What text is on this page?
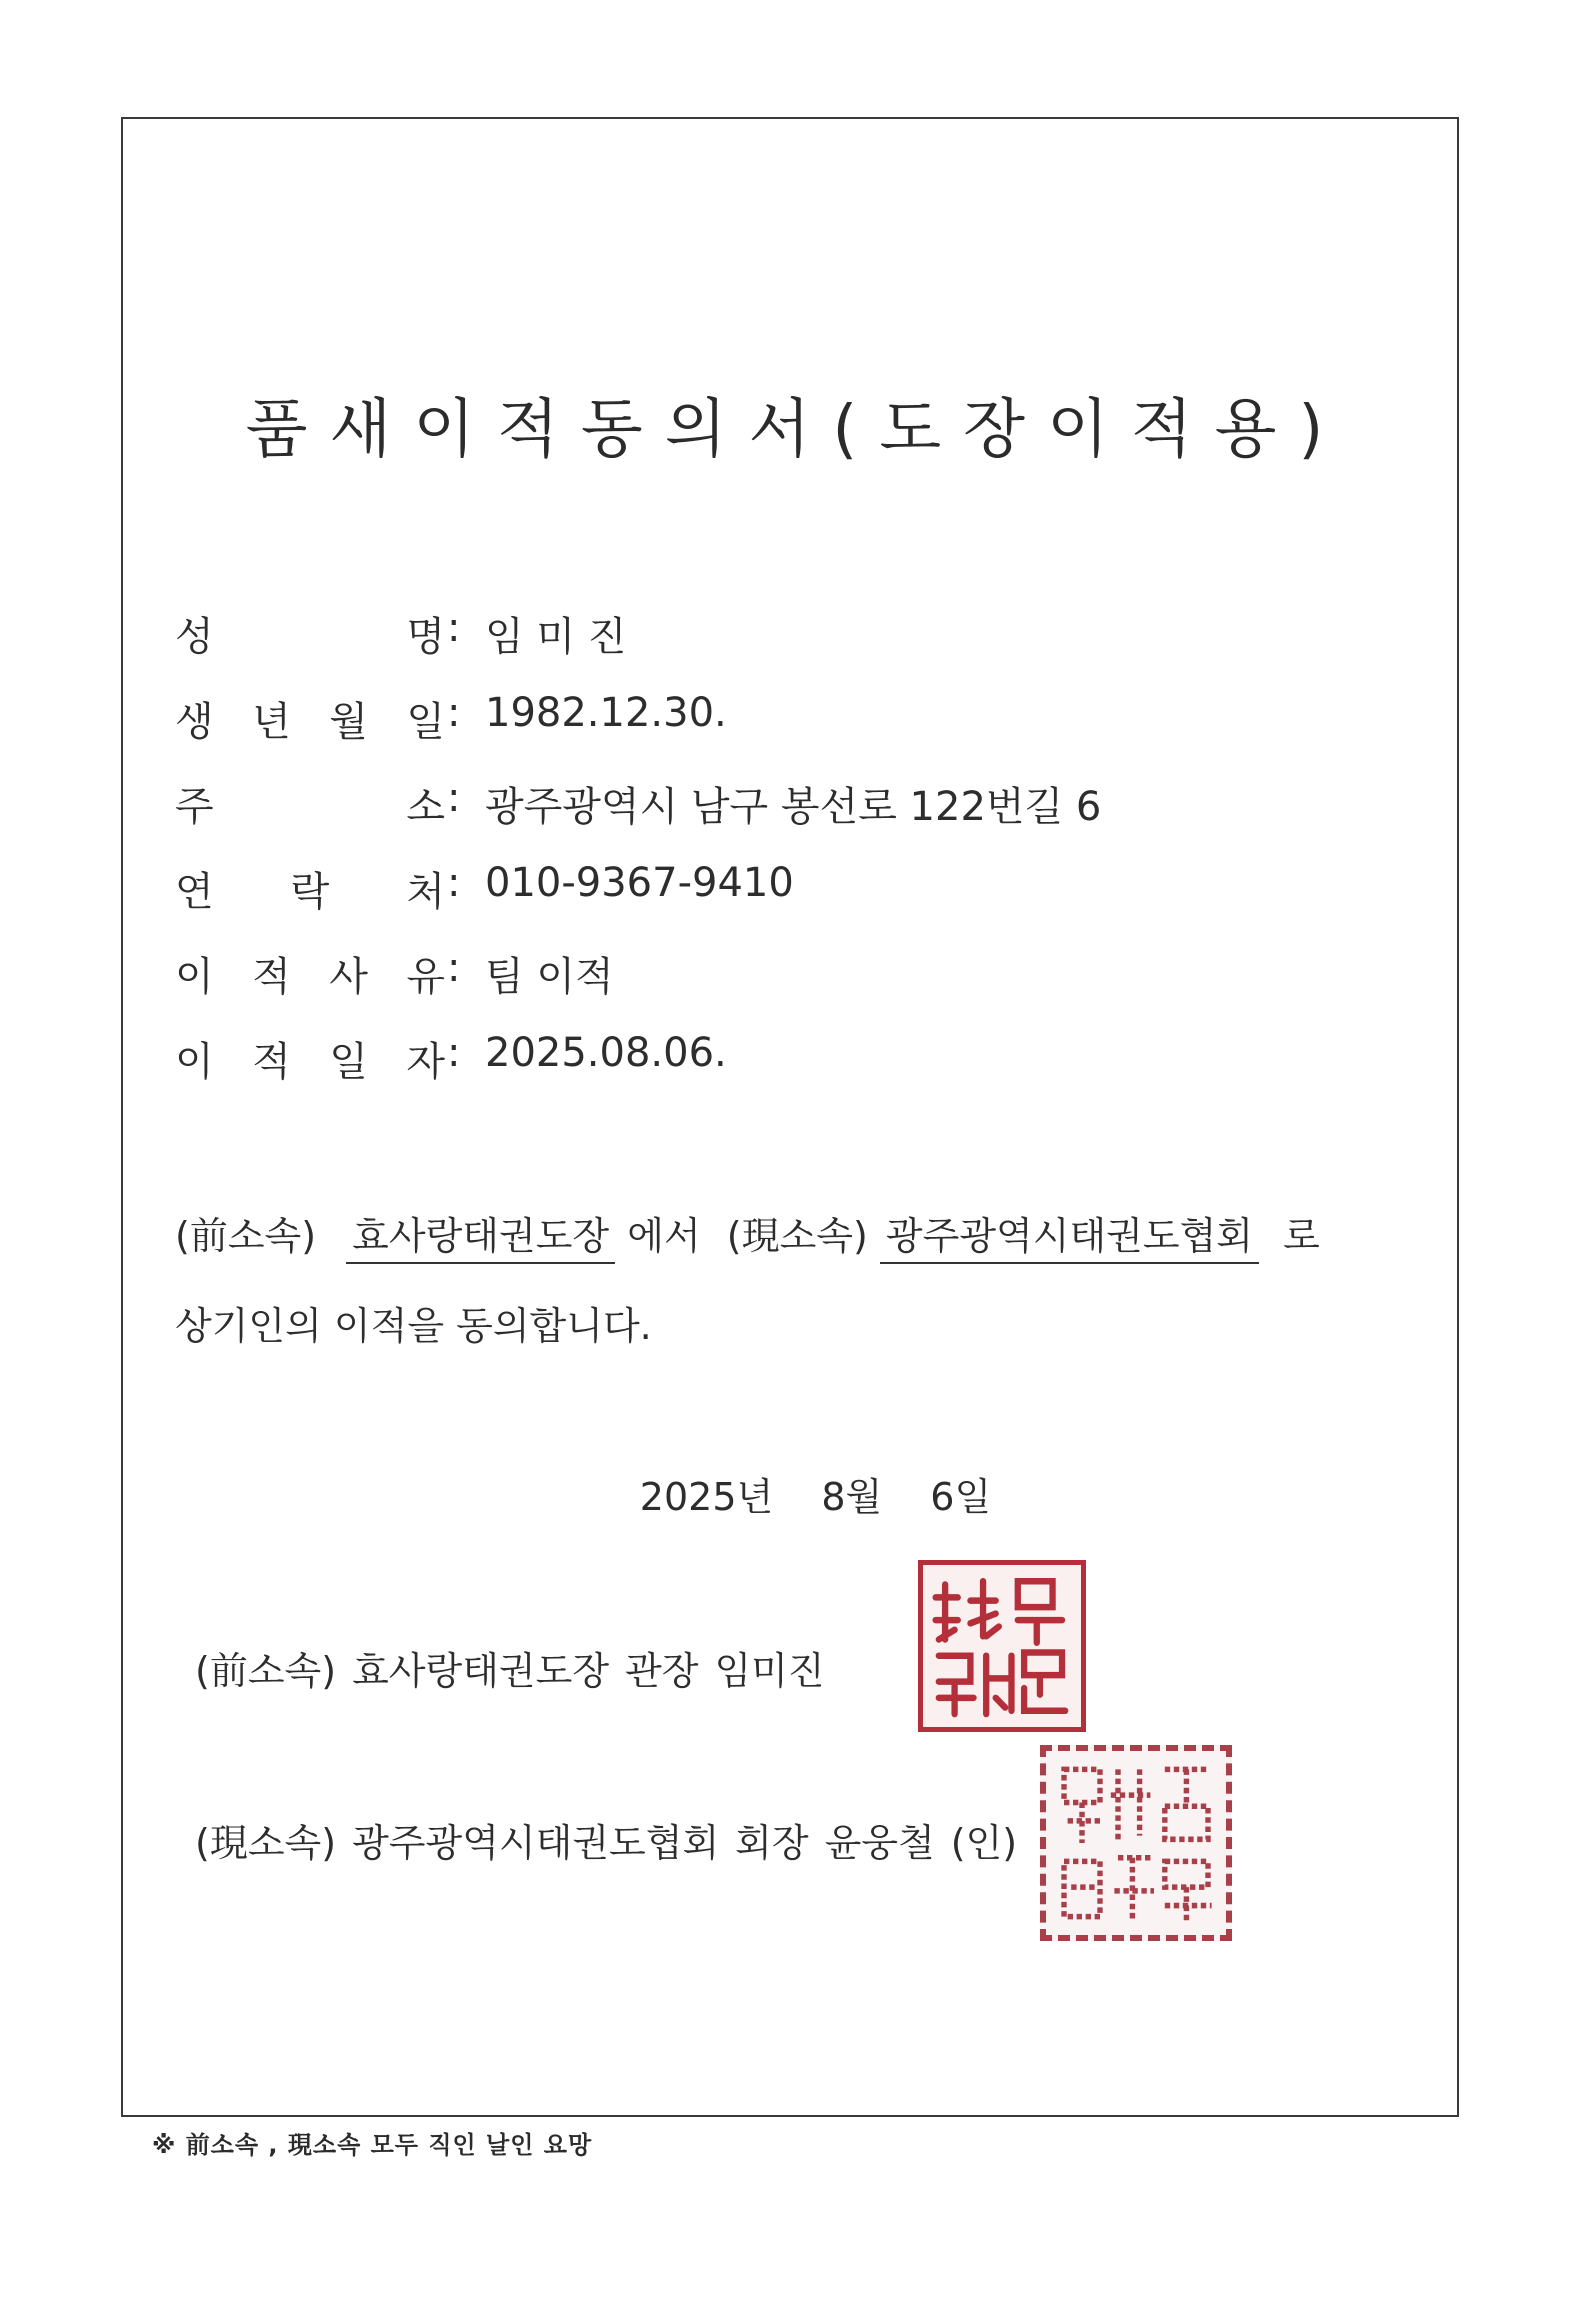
품새이적동의서(도장이적용)
성	명 : 임 미 진
생 년 월 일 : 1982.12.30.
주	소 : 광주광역시 남구 봉선로 122번길 6
연 락 처 : 010-9367-9410
이 적 사 유 : 팀 이적
이 적 일 자 : 2025.08.06.
(前소속) 효사랑태권도장 에서 (現소속) 광주광역시태권도협회 로
상기인의 이적을 동의합니다.
2025년 8월 6일
(前소속) 효사랑태권도장 관장 임미진
(現소속) 광주광역시태권도협회 회장 윤웅철 (인)
※ 前소속 , 現소속 모두 직인 날인 요망
